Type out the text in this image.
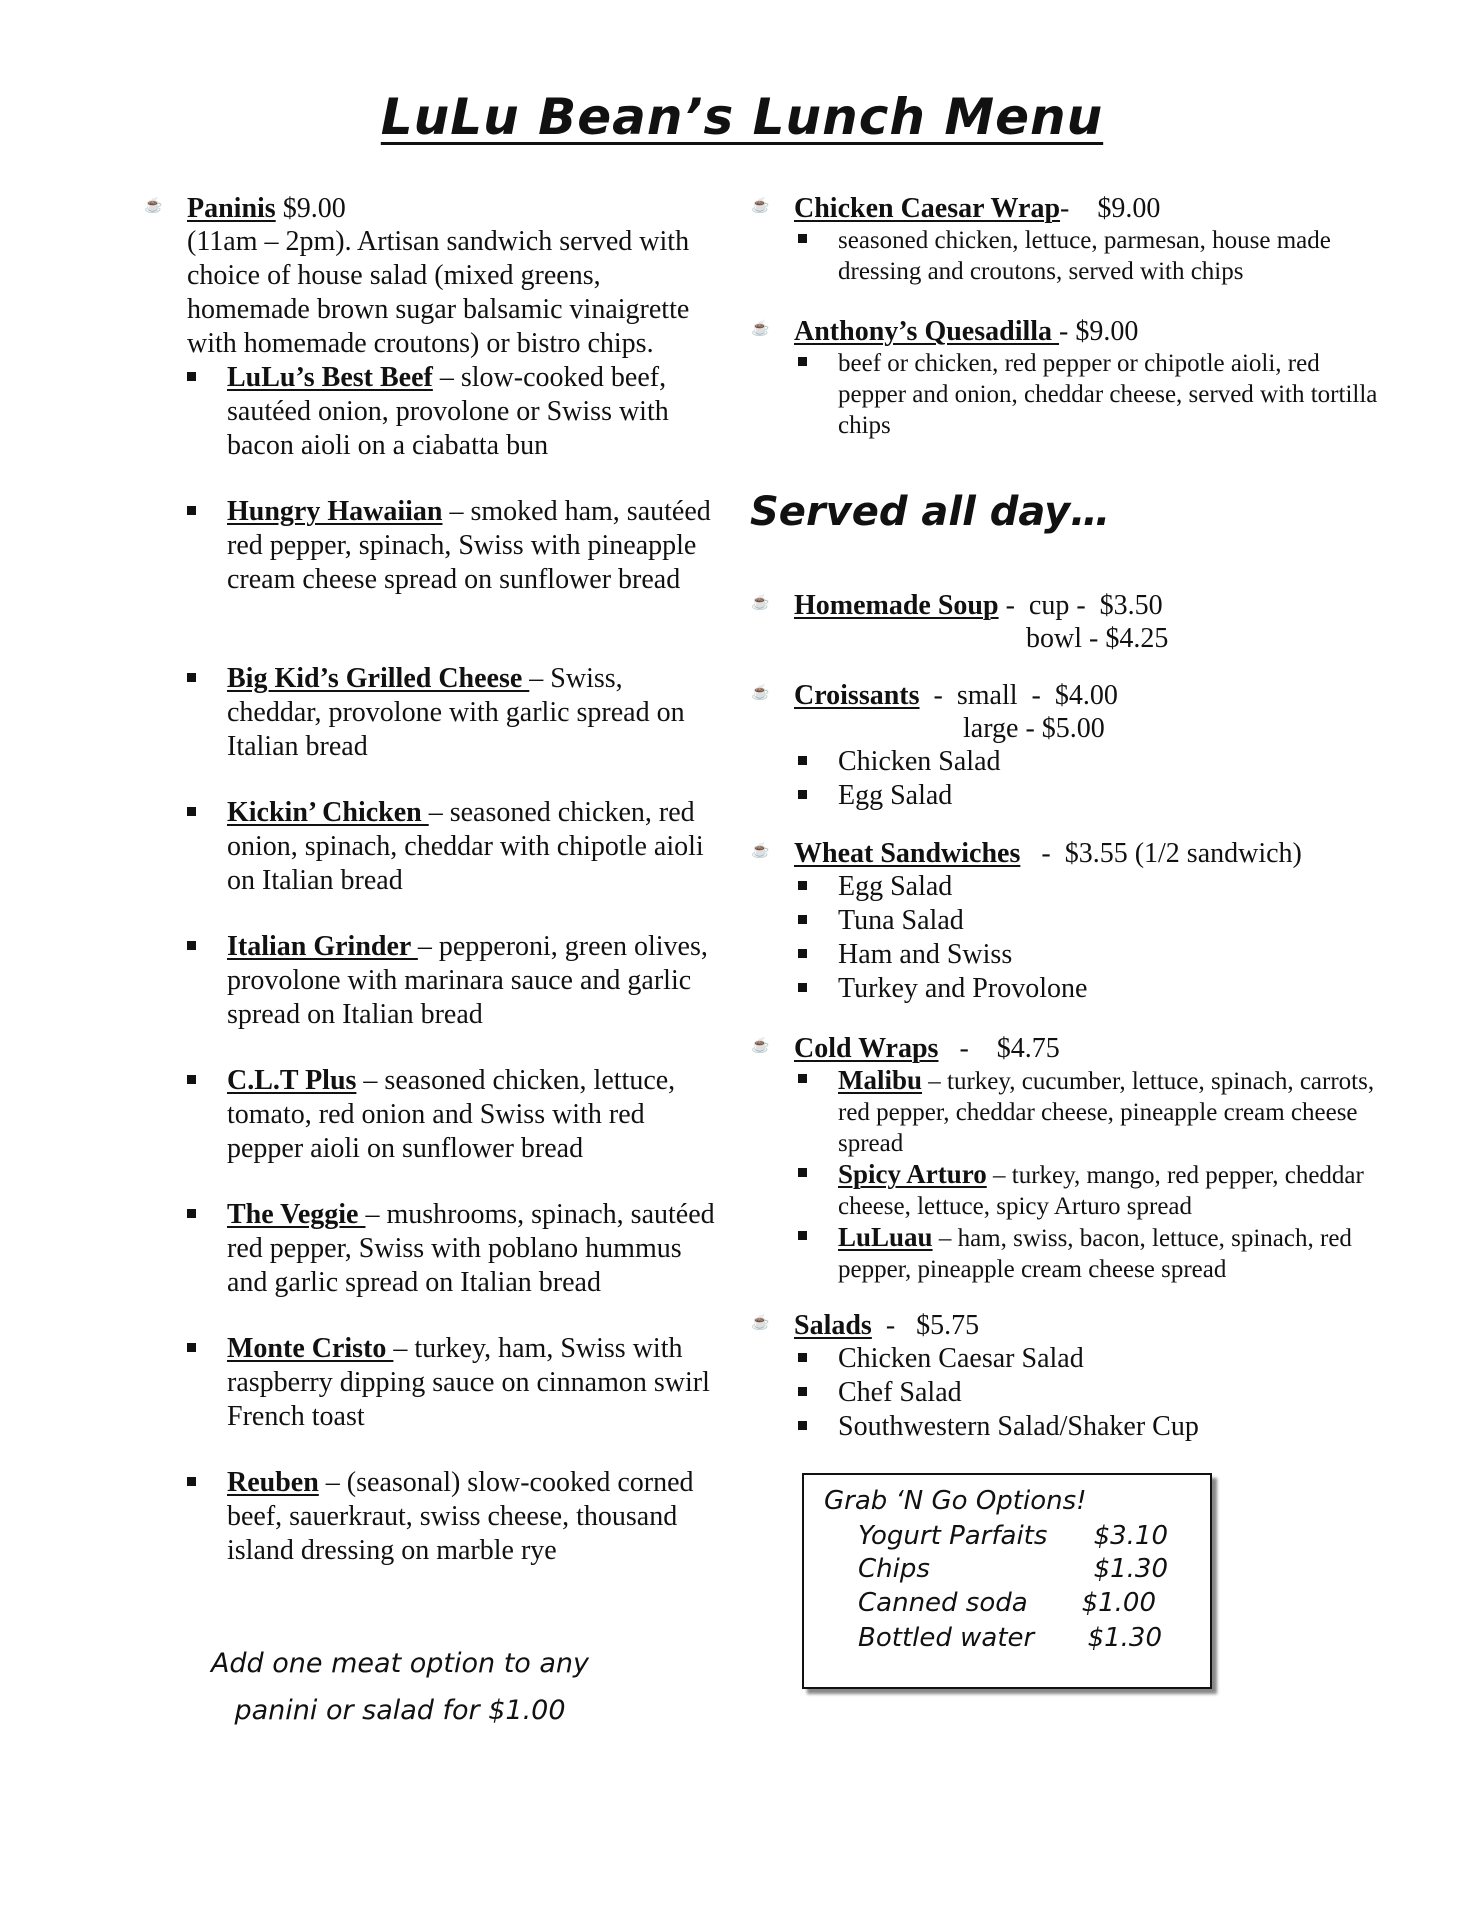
LuLu Bean’s Lunch Menu
☕ Paninis $9.00
(11am – 2pm). Artisan sandwich served with choice of house salad (mixed greens, homemade brown sugar balsamic vinaigrette with homemade croutons) or bistro chips.
LuLu’s Best Beef – slow-cooked beef, sautéed onion, provolone or Swiss with bacon aioli on a ciabatta bun
Hungry Hawaiian – smoked ham, sautéed red pepper, spinach, Swiss with pineapple cream cheese spread on sunflower bread
Big Kid’s Grilled Cheese – Swiss, cheddar, provolone with garlic spread on Italian bread
Kickin’ Chicken – seasoned chicken, red onion, spinach, cheddar with chipotle aioli on Italian bread
Italian Grinder – pepperoni, green olives, provolone with marinara sauce and garlic spread on Italian bread
C.L.T Plus – seasoned chicken, lettuce, tomato, red onion and Swiss with red pepper aioli on sunflower bread
The Veggie – mushrooms, spinach, sautéed red pepper, Swiss with poblano hummus and garlic spread on Italian bread
Monte Cristo – turkey, ham, Swiss with raspberry dipping sauce on cinnamon swirl French toast
Reuben – (seasonal) slow-cooked corned beef, sauerkraut, swiss cheese, thousand island dressing on marble rye
Add one meat option to any
panini or salad for $1.00
☕ Chicken Caesar Wrap-    $9.00
seasoned chicken, lettuce, parmesan, house made dressing and croutons, served with chips
☕ Anthony’s Quesadilla - $9.00
beef or chicken, red pepper or chipotle aioli, red pepper and onion, cheddar cheese, served with tortilla chips
Served all day…
☕ Homemade Soup -  cup -  $3.50
bowl - $4.25
☕ Croissants  -  small  -  $4.00
large - $5.00
Chicken Salad
Egg Salad
☕ Wheat Sandwiches   -  $3.55 (1/2 sandwich)
Egg Salad
Tuna Salad
Ham and Swiss
Turkey and Provolone
☕ Cold Wraps   -    $4.75
Malibu – turkey, cucumber, lettuce, spinach, carrots, red pepper, cheddar cheese, pineapple cream cheese spread
Spicy Arturo – turkey, mango, red pepper, cheddar cheese, lettuce, spicy Arturo spread
LuLuau – ham, swiss, bacon, lettuce, spinach, red pepper, pineapple cream cheese spread
☕ Salads  -   $5.75
Chicken Caesar Salad
Chef Salad
Southwestern Salad/Shaker Cup
Grab ‘N Go Options!
Yogurt Parfaits $3.10
Chips	$1.30
Canned soda $1.00
Bottled water $1.30
